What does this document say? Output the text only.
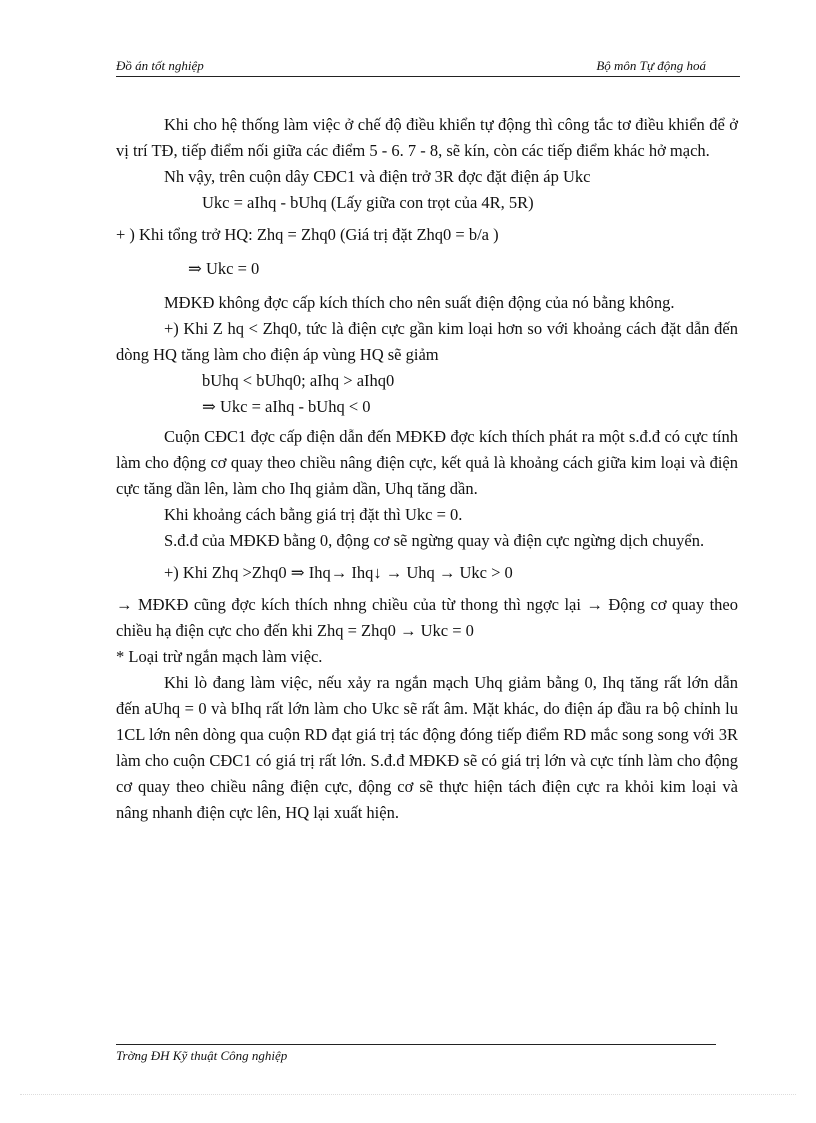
Đồ án tốt nghiệp	Bộ môn Tự động hoá

Khi cho hệ thống làm việc ở chế độ điều khiển tự động thì công tắc tơ điều khiển để ở vị trí TĐ, tiếp điểm nối giữa các điểm 5 - 6. 7 - 8, sẽ kín, còn các tiếp điểm khác hở mạch.

Nh vậy, trên cuộn dây CĐC1 và điện trở 3R đợc đặt điện áp Ukc

Ukc = aIhq - bUhq (Lấy giữa con trọt của 4R, 5R)

+ ) Khi tổng trở HQ: Zhq = Zhq0 (Giá trị đặt Zhq0 = b/a )

⇒ Ukc = 0

MĐKĐ không đợc cấp kích thích cho nên suất điện động của nó bằng không.

+) Khi Z hq < Zhq0, tức là điện cực gần kim loại hơn so với khoảng cách đặt dẫn đến dòng HQ tăng làm cho điện áp vùng HQ sẽ giảm

bUhq < bUhq0; aIhq > aIhq0

⇒ Ukc = aIhq - bUhq < 0

Cuộn CĐC1 đợc cấp điện dẫn đến MĐKĐ đợc kích thích phát ra một s.đ.đ có cực tính làm cho động cơ quay theo chiều nâng điện cực, kết quả là khoảng cách giữa kim loại và điện cực tăng dần lên, làm cho Ihq giảm dần, Uhq tăng dần.

Khi khoảng cách bằng giá trị đặt thì Ukc = 0.

S.đ.đ của MĐKĐ bằng 0, động cơ sẽ ngừng quay và điện cực ngừng dịch chuyển.

+) Khi Zhq >Zhq0 ⇒ Ihq→ Ihq↓ → Uhq → Ukc > 0

→ MĐKĐ cũng đợc kích thích nhng chiều của từ thong thì ngợc lại → Động cơ quay theo chiều hạ điện cực cho đến khi Zhq = Zhq0 → Ukc = 0

* Loại trừ ngắn mạch làm việc.

Khi lò đang làm việc, nếu xảy ra ngắn mạch Uhq giảm bằng 0, Ihq tăng rất lớn dẫn đến aUhq = 0 và bIhq rất lớn làm cho Ukc sẽ rất âm. Mặt khác, do điện áp đầu ra bộ chỉnh lu 1CL lớn nên dòng qua cuộn RD đạt giá trị tác động đóng tiếp điểm RD mắc song song với 3R làm cho cuộn CĐC1 có giá trị rất lớn. S.đ.đ MĐKĐ sẽ có giá trị lớn và cực tính làm cho động cơ quay theo chiều nâng điện cực, động cơ sẽ thực hiện tách điện cực ra khỏi kim loại và nâng nhanh điện cực lên, HQ lại xuất hiện.

Trờng ĐH Kỹ thuật Công nghiệp
